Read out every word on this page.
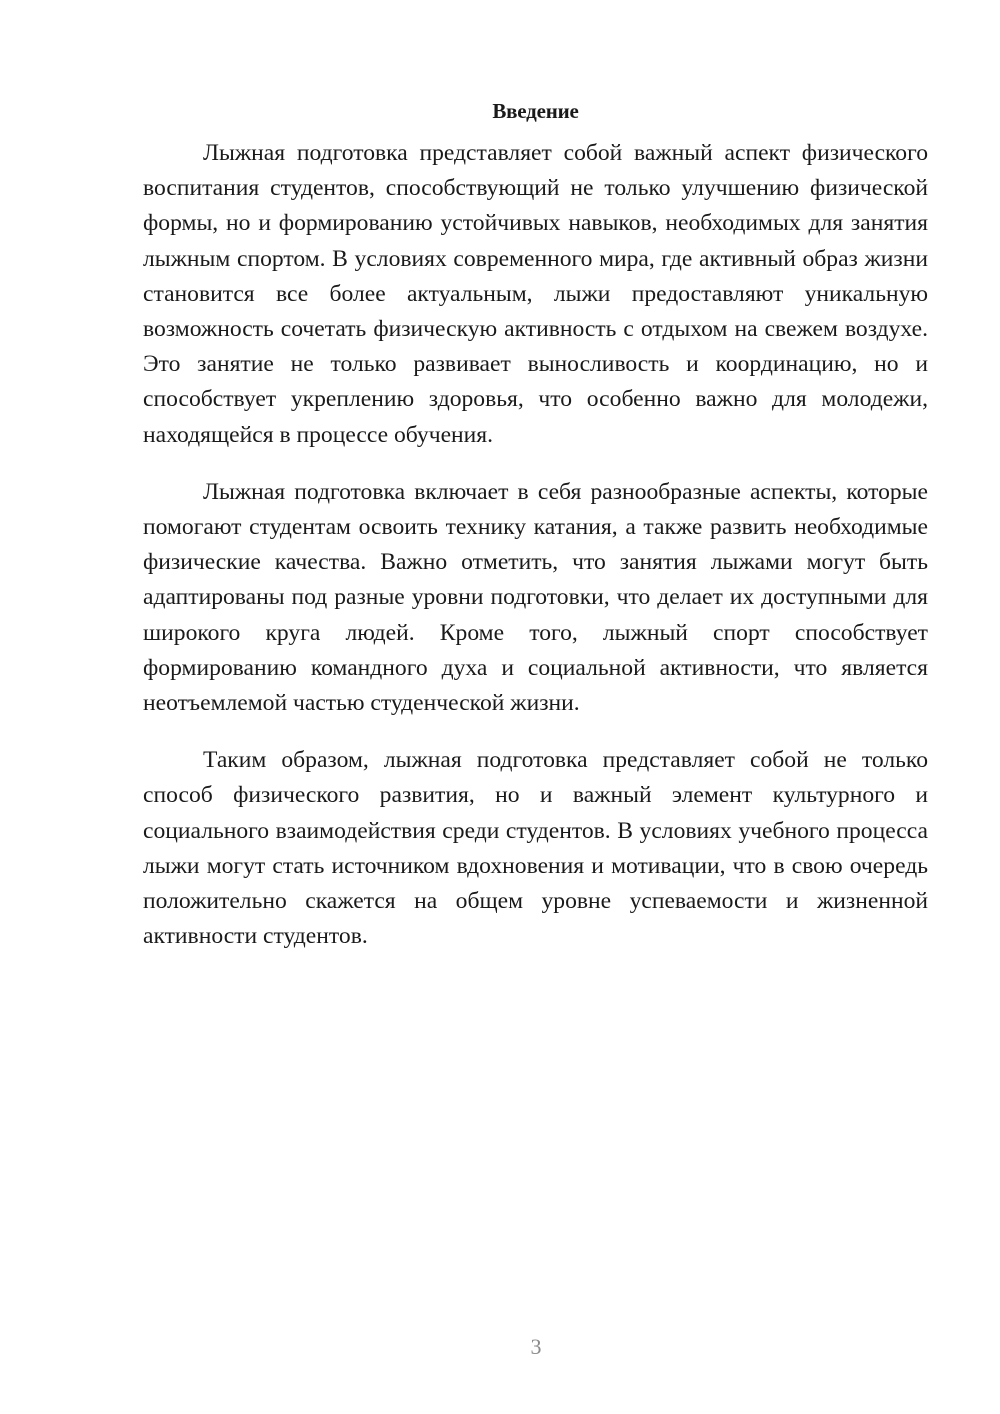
Введение

Лыжная подготовка представляет собой важный аспект физического воспитания студентов, способствующий не только улучшению физической формы, но и формированию устойчивых навыков, необходимых для занятия лыжным спортом. В условиях современного мира, где активный образ жизни становится все более актуальным, лыжи предоставляют уникальную возможность сочетать физическую активность с отдыхом на свежем воздухе. Это занятие не только развивает выносливость и координацию, но и способствует укреплению здоровья, что особенно важно для молодежи, находящейся в процессе обучения.

Лыжная подготовка включает в себя разнообразные аспекты, которые помогают студентам освоить технику катания, а также развить необходимые физические качества. Важно отметить, что занятия лыжами могут быть адаптированы под разные уровни подготовки, что делает их доступными для широкого круга людей. Кроме того, лыжный спорт способствует формированию командного духа и социальной активности, что является неотъемлемой частью студенческой жизни.

Таким образом, лыжная подготовка представляет собой не только способ физического развития, но и важный элемент культурного и социального взаимодействия среди студентов. В условиях учебного процесса лыжи могут стать источником вдохновения и мотивации, что в свою очередь положительно скажется на общем уровне успеваемости и жизненной активности студентов.

3
